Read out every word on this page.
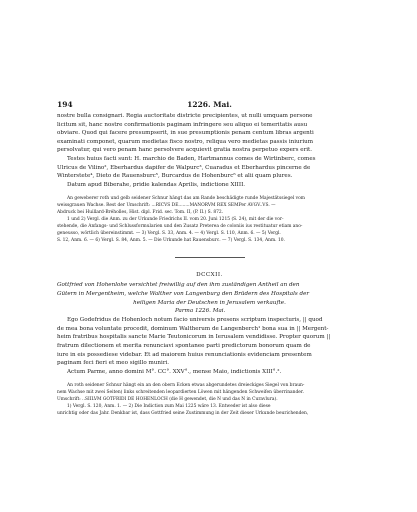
194	1226. Mai.

nostre bulla consignari. Regia auctoritate districte precipientes, ut nulli umquam persone

licitum sit, hanc nostre confirmationis paginam infringere seu aliquo ei temeritatis ausu

obviare. Quod qui facere presumpserit, in sue presumptionis penam centum libras argenti

examinati componet, quarum medietas fisco nostro, reliqua vero medietas passis iniurium

persolvatur, qui vero penam hanc persolvere acquievit gratia nostra perpetuo expers erit.

Testes huius facti sunt: H. marchio de Baden, Hartmannus comes de Wirtinberc, comes

Ulricus de Vilino², Eberhardus dapifer de Walpurc³, Cuaradus et Eberhardus pincerne de

Winterstete⁴, Dieto de Rauensburc⁵, Burcardus de Hohenburc⁶ et alii quam plures.

Datum apud Biberahe, pridie kalendas Aprilis, indictione XIIII.

An geweberer roth und gelb seidener Schnur hängt das am Rande beschädigte runde Majestätssiegel vom

weissgrauen Wachse. Rest der Umschrift: ...RICVS DE........MANORVM REX SEMPer AVGV..VS. —

Abdruck bei Huillard-Bréholles, Hist. dipl. Frid. sec. Tom. II, (P. II.) S. 872.

1 und 2) Vergl. die Anm. zu der Urkunde Friedrichs II. vom 20. Juni 1215 (S. 24), mit der die vor-

stehende, die Anfangs- und Schlussformularien und den Zusatz Preterea de coloniis ius restituatur etiam ano-

geneusso, wörtlich übereinstimmt. — 3) Vergl. S. 33, Anm. 4. — 4) Vergl. S. 110, Anm. 6. — 5) Vergl.

S. 12, Anm. 6. — 6) Vergl. S. 84, Anm. 5. — Die Urkunde hat Rauensburc. — 7) Vergl. S. 134, Anm. 10.

DCCXII.

Gottfried von Hohenlohe versichtet freiwillig auf den ihm zuständigen Antheil an den

Gütern in Mergentheim, welche Walther von Langenburg den Brüdern des Hospitals der

heiligen Maria der Deutschen in Jerusalem verkaufte.

Parma 1226. Mai.

Ego Godefridus de Hohenloch notum facio universis presens scriptum inspecturis, || quod

de mea bona voluntate procedit, dominum Waltherum de Langenberch¹ bona sua in || Mergent-

heim fratribus hospitalis sancte Marie Teutonicorum in Ierusalem vendidisse. Propter quorum ||

fratrum dilectionem et merita renunciavi spontanee parti predictorum bonorum quam de

iure in eis possediese videbar. Et ad maiorem huius renunciationis evidenciam presentem

paginam feci fieri et meo sigillo muniri.

Actum Parme, anno domini M°. CC°. XXV°., mense Maio, indictionis XIII°.².

An roth seidener Schnur hängt ein an den obern Ecken etwas abgerundetes dreieckiges Siegel von braun-

nem Wachse mit zwei Seiten) links schreitenden leopardierten Löwen mit hängenden Schweifen überrinander.

Umschrift: ..SIILVM GOTFRIDI DE HOHENLOCH (die H gewendet, die N und das N in Curavlura).

1) Vergl. S. 120, Anm. 1. — 2) Die Indiction zum Mai 1225 wäre 13. Entweder ist also diese

unrichtig oder das Jahr. Denkbar ist, dass Gottfried seine Zustimmung in der Zeit dieser Urkunde beurichenden,
